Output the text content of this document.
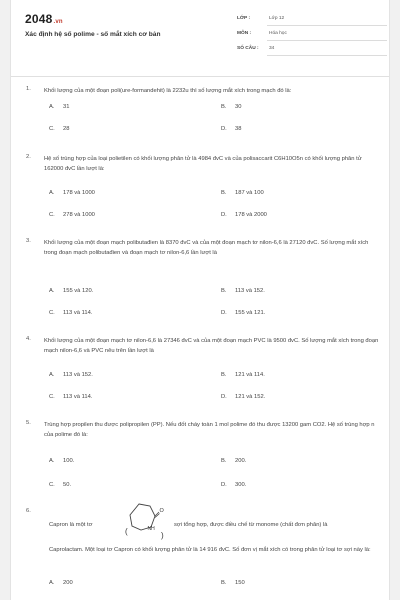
2048.vn
Xác định hệ số polime - số mắt xích cơ bản
LỚP :	Lớp 12
MÔN :	Hóa học
SỐ CÂU : 34
1. Khối lượng của một đoạn poli(ure-formandehit) là 2232u thì số lượng mắt xích trong mạch đó là:
A. 31	B. 30
C. 28	D. 38
2. Hệ số trùng hợp của loại polietilen có khối lượng phân tử là 4984 đvC và của polisaccarit C6H10O5n có khối lượng phân tử 162000 đvC lần lượt là:
A. 178 và 1000	B. 187 và 100
C. 278 và 1000	D. 178 và 2000
3. Khối lượng của một đoạn mạch polibutađien là 8370 đvC và của một đoạn mạch tơ nilon-6,6 là 27120 đvC. Số lượng mắt xích trong đoạn mạch polibutađien và đoạn mạch tơ nilon-6,6 lần lượt là
A. 155 và 120.	B. 113 và 152.
C. 113 và 114.	D. 155 và 121.
4. Khối lượng của một đoạn mạch tơ nilon-6,6 là 27346 đvC và của một đoạn mạch PVC là 9500 đvC. Số lượng mắt xích trong đoạn mạch nilon-6,6 và PVC nêu trên lần lượt là
A. 113 và 152.	B. 121 và 114.
C. 113 và 114.	D. 121 và 152.
5. Trùng hợp propilen thu được polipropilen (PP). Nếu đốt cháy toàn 1 mol polime đó thu được 13200 gam CO2. Hệ số trùng hợp n của polime đó là:
A. 100.	B. 200.
C. 50.	D. 300.
6.	O
NH
(	)
Capron là một tơ	sợi tổng hợp, được điều chế từ monome (chất đơn phân) là
Caprolactam. Một loại tơ Capron có khối lượng phân tử là 14 916 đvC. Số đơn vị mắt xích có trong phân tử loại tơ sợi này là:
A. 200	B. 150
